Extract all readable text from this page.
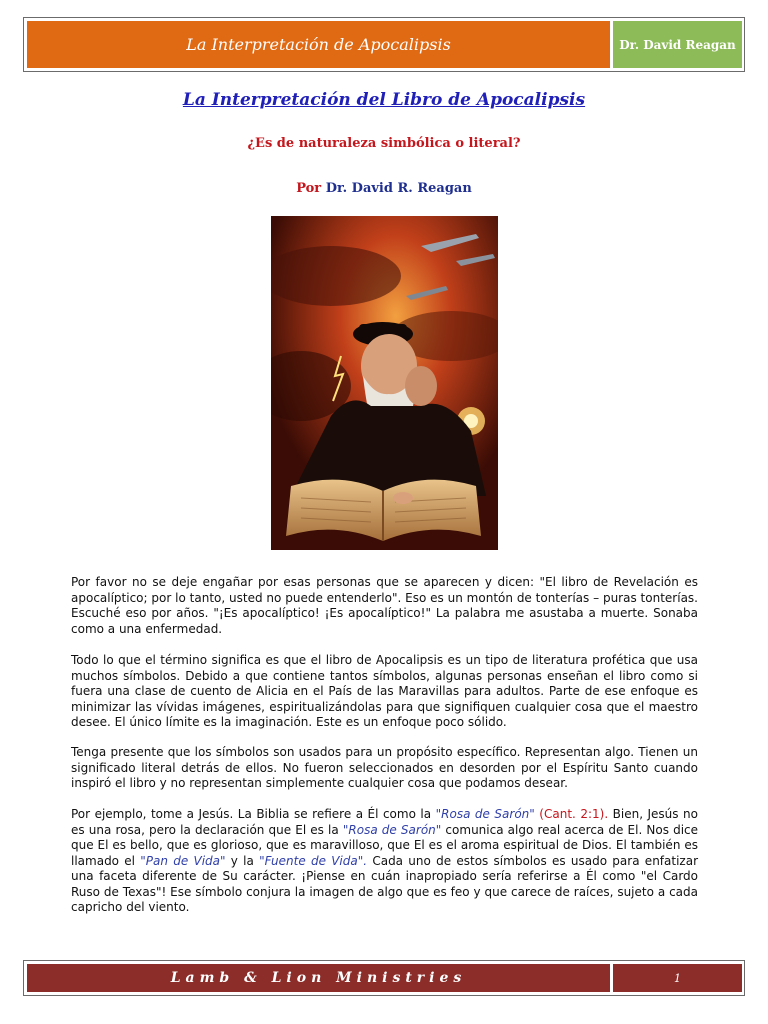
La Interpretación de Apocalipsis	Dr. David Reagan
La Interpretación del Libro de Apocalipsis
¿Es de naturaleza simbólica o literal?
Por Dr. David R. Reagan

Por favor no se deje engañar por esas personas que se aparecen y dicen: "El libro de Revelación es apocalíptico; por lo tanto, usted no puede entenderlo". Eso es un montón de tonterías – puras tonterías. Escuché eso por años. "¡Es apocalíptico! ¡Es apocalíptico!" La palabra me asustaba a muerte. Sonaba como a una enfermedad.

Todo lo que el término significa es que el libro de Apocalipsis es un tipo de literatura profética que usa muchos símbolos. Debido a que contiene tantos símbolos, algunas personas enseñan el libro como si fuera una clase de cuento de Alicia en el País de las Maravillas para adultos. Parte de ese enfoque es minimizar las vívidas imágenes, espiritualizándolas para que signifiquen cualquier cosa que el maestro desee. El único límite es la imaginación. Este es un enfoque poco sólido.

Tenga presente que los símbolos son usados para un propósito específico. Representan algo. Tienen un significado literal detrás de ellos. No fueron seleccionados en desorden por el Espíritu Santo cuando inspiró el libro y no representan simplemente cualquier cosa que podamos desear.

Por ejemplo, tome a Jesús. La Biblia se refiere a Él como la "Rosa de Sarón" (Cant. 2:1). Bien, Jesús no es una rosa, pero la declaración que El es la "Rosa de Sarón" comunica algo real acerca de El. Nos dice que El es bello, que es glorioso, que es maravilloso, que El es el aroma espiritual de Dios. El también es llamado el "Pan de Vida" y la "Fuente de Vida". Cada uno de estos símbolos es usado para enfatizar una faceta diferente de Su carácter. ¡Piense en cuán inapropiado sería referirse a Él como "el Cardo Ruso de Texas"! Ese símbolo conjura la imagen de algo que es feo y que carece de raíces, sujeto a cada capricho del viento.

Lamb & Lion Ministries	1
